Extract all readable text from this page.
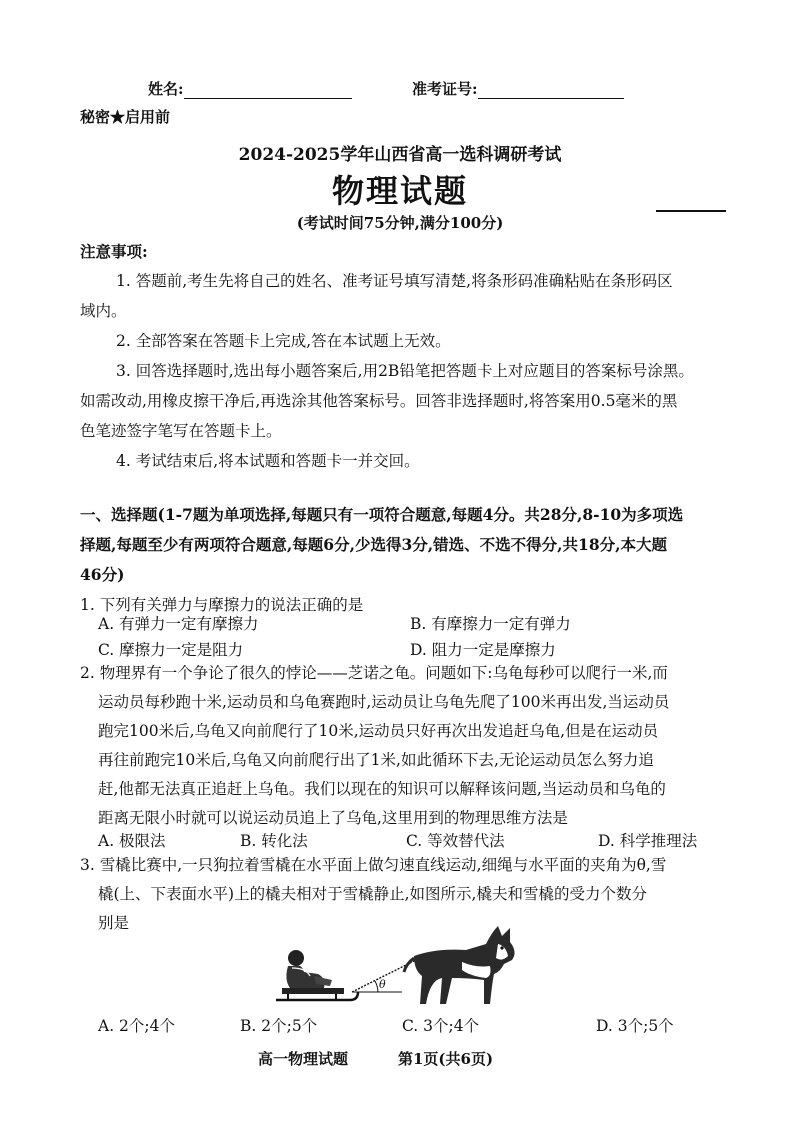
姓名:	准考证号:
秘密★启用前
2024-2025学年山西省高一选科调研考试
物理试题
(考试时间75分钟,满分100分)
注意事项:
1. 答题前,考生先将自己的姓名、准考证号填写清楚,将条形码准确粘贴在条形码区
域内。
2. 全部答案在答题卡上完成,答在本试题上无效。
3. 回答选择题时,选出每小题答案后,用2B铅笔把答题卡上对应题目的答案标号涂黑。
如需改动,用橡皮擦干净后,再选涂其他答案标号。回答非选择题时,将答案用0.5毫米的黑
色笔迹签字笔写在答题卡上。
4. 考试结束后,将本试题和答题卡一并交回。
一、选择题(1-7题为单项选择,每题只有一项符合题意,每题4分。共28分,8-10为多项选
择题,每题至少有两项符合题意,每题6分,少选得3分,错选、不选不得分,共18分,本大题
46分)
1. 下列有关弹力与摩擦力的说法正确的是
A. 有弹力一定有摩擦力	B. 有摩擦力一定有弹力
C. 摩擦力一定是阻力	D. 阻力一定是摩擦力
2. 物理界有一个争论了很久的悖论——芝诺之龟。问题如下:乌龟每秒可以爬行一米,而
运动员每秒跑十米,运动员和乌龟赛跑时,运动员让乌龟先爬了100米再出发,当运动员
跑完100米后,乌龟又向前爬行了10米,运动员只好再次出发追赶乌龟,但是在运动员
再往前跑完10米后,乌龟又向前爬行出了1米,如此循环下去,无论运动员怎么努力追
赶,他都无法真正追赶上乌龟。我们以现在的知识可以解释该问题,当运动员和乌龟的
距离无限小时就可以说运动员追上了乌龟,这里用到的物理思维方法是
A. 极限法	B. 转化法	C. 等效替代法	D. 科学推理法
3. 雪橇比赛中,一只狗拉着雪橇在水平面上做匀速直线运动,细绳与水平面的夹角为θ,雪
橇(上、下表面水平)上的橇夫相对于雪橇静止,如图所示,橇夫和雪橇的受力个数分
别是
θ
A. 2个;4个	B. 2个;5个	C. 3个;4个	D. 3个;5个
高一物理试题	第1页(共6页)
